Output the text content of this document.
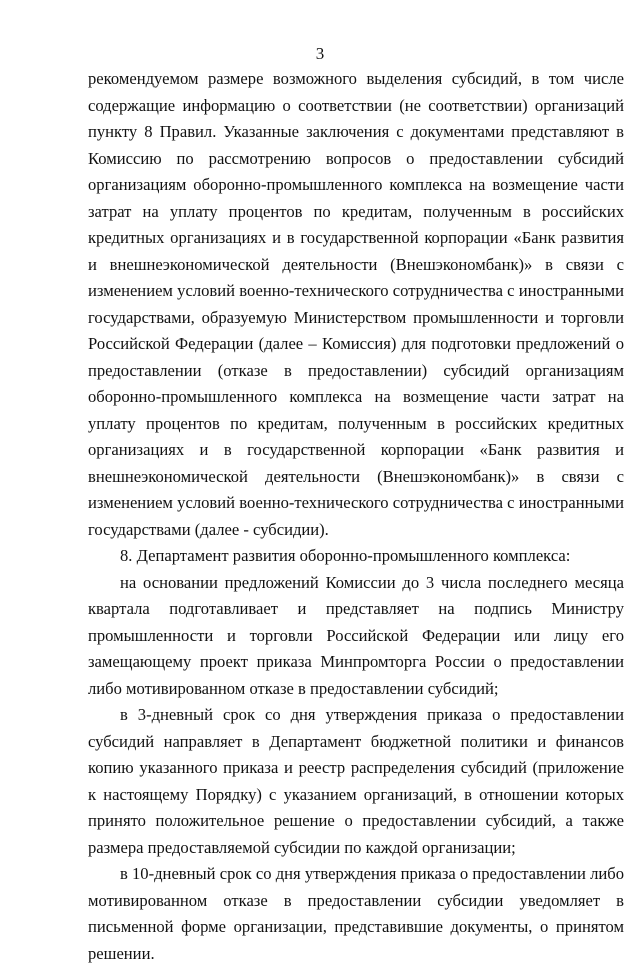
3

рекомендуемом размере возможного выделения субсидий, в том числе содержащие информацию о соответствии (не соответствии) организаций пункту 8 Правил. Указанные заключения с документами представляют в Комиссию по рассмотрению вопросов о предоставлении субсидий организациям оборонно-промышленного комплекса на возмещение части затрат на уплату процентов по кредитам, полученным в российских кредитных организациях и в государственной корпорации «Банк развития и внешнеэкономической деятельности (Внешэкономбанк)» в связи с изменением условий военно-технического сотрудничества с иностранными государствами, образуемую Министерством промышленности и торговли Российской Федерации (далее – Комиссия) для подготовки предложений о предоставлении (отказе в предоставлении) субсидий организациям оборонно-промышленного комплекса на возмещение части затрат на уплату процентов по кредитам, полученным в российских кредитных организациях и в государственной корпорации «Банк развития и внешнеэкономической деятельности (Внешэкономбанк)» в связи с изменением условий военно-технического сотрудничества с иностранными государствами (далее - субсидии).

8. Департамент развития оборонно-промышленного комплекса:

на основании предложений Комиссии до 3 числа последнего месяца квартала подготавливает и представляет на подпись Министру промышленности и торговли Российской Федерации или лицу его замещающему проект приказа Минпромторга России о предоставлении либо мотивированном отказе в предоставлении субсидий;

в 3-дневный срок со дня утверждения приказа о предоставлении субсидий направляет в Департамент бюджетной политики и финансов копию указанного приказа и реестр распределения субсидий (приложение к настоящему Порядку) с указанием организаций, в отношении которых принято положительное решение о предоставлении субсидий, а также размера предоставляемой субсидии по каждой организации;

в 10-дневный срок со дня утверждения приказа о предоставлении либо мотивированном отказе в предоставлении субсидии уведомляет в письменной форме организации, представившие документы, о принятом решении.
